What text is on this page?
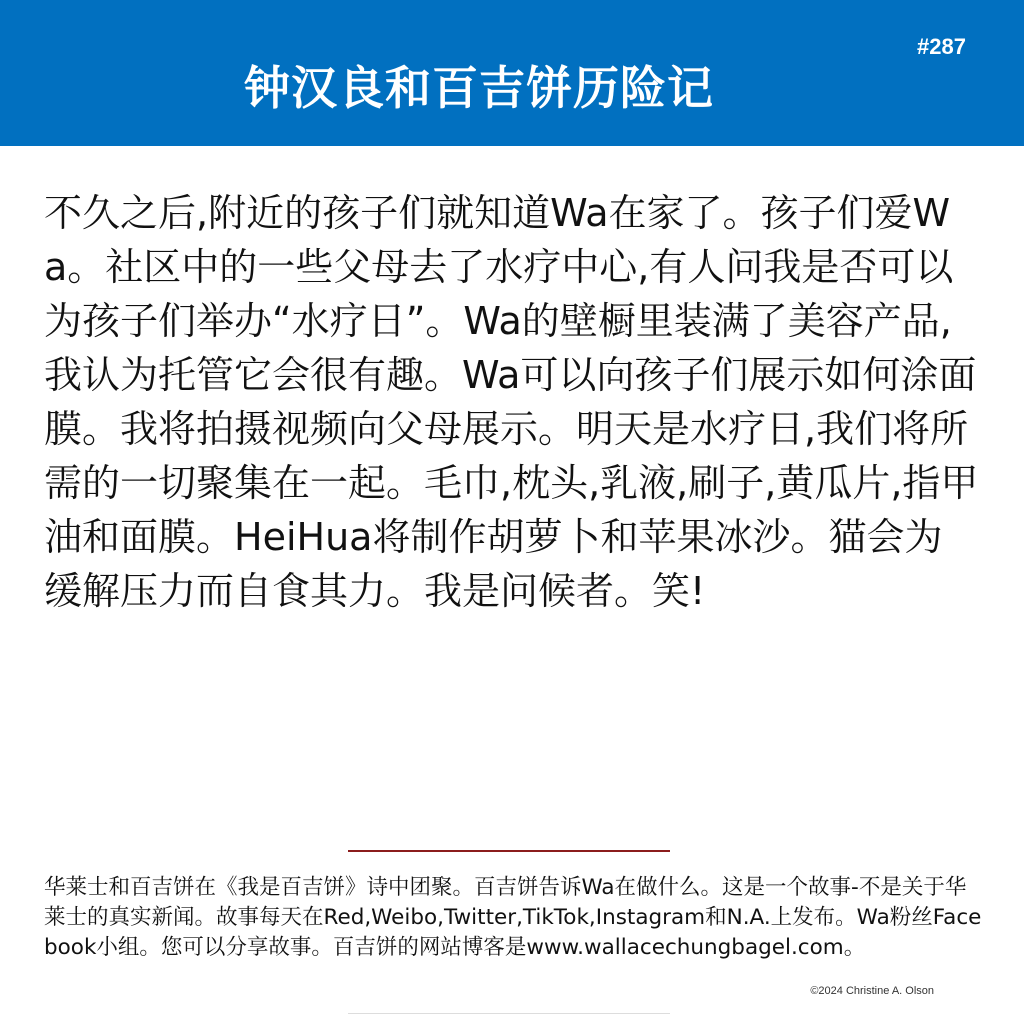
钟汉良和百吉饼历险记
#287

不久之后,附近的孩子们就知道Wa在家了。孩子们爱Wa。社区中的一些父母去了水疗中心,有人问我是否可以为孩子们举办“水疗日”。Wa的壁橱里装满了美容产品,我认为托管它会很有趣。Wa可以向孩子们展示如何涂面膜。我将拍摄视频向父母展示。明天是水疗日,我们将所需的一切聚集在一起。毛巾,枕头,乳液,刷子,黄瓜片,指甲油和面膜。HeiHua将制作胡萝卜和苹果冰沙。猫会为缓解压力而自食其力。我是问候者。笑!

华莱士和百吉饼在《我是百吉饼》诗中团聚。百吉饼告诉Wa在做什么。这是一个故事-不是关于华莱士的真实新闻。故事每天在Red,Weibo,Twitter,TikTok,Instagram和N.A.上发布。Wa粉丝Facebook小组。您可以分享故事。百吉饼的网站博客是www.wallacechungbagel.com。

©2024 Christine A. Olson
